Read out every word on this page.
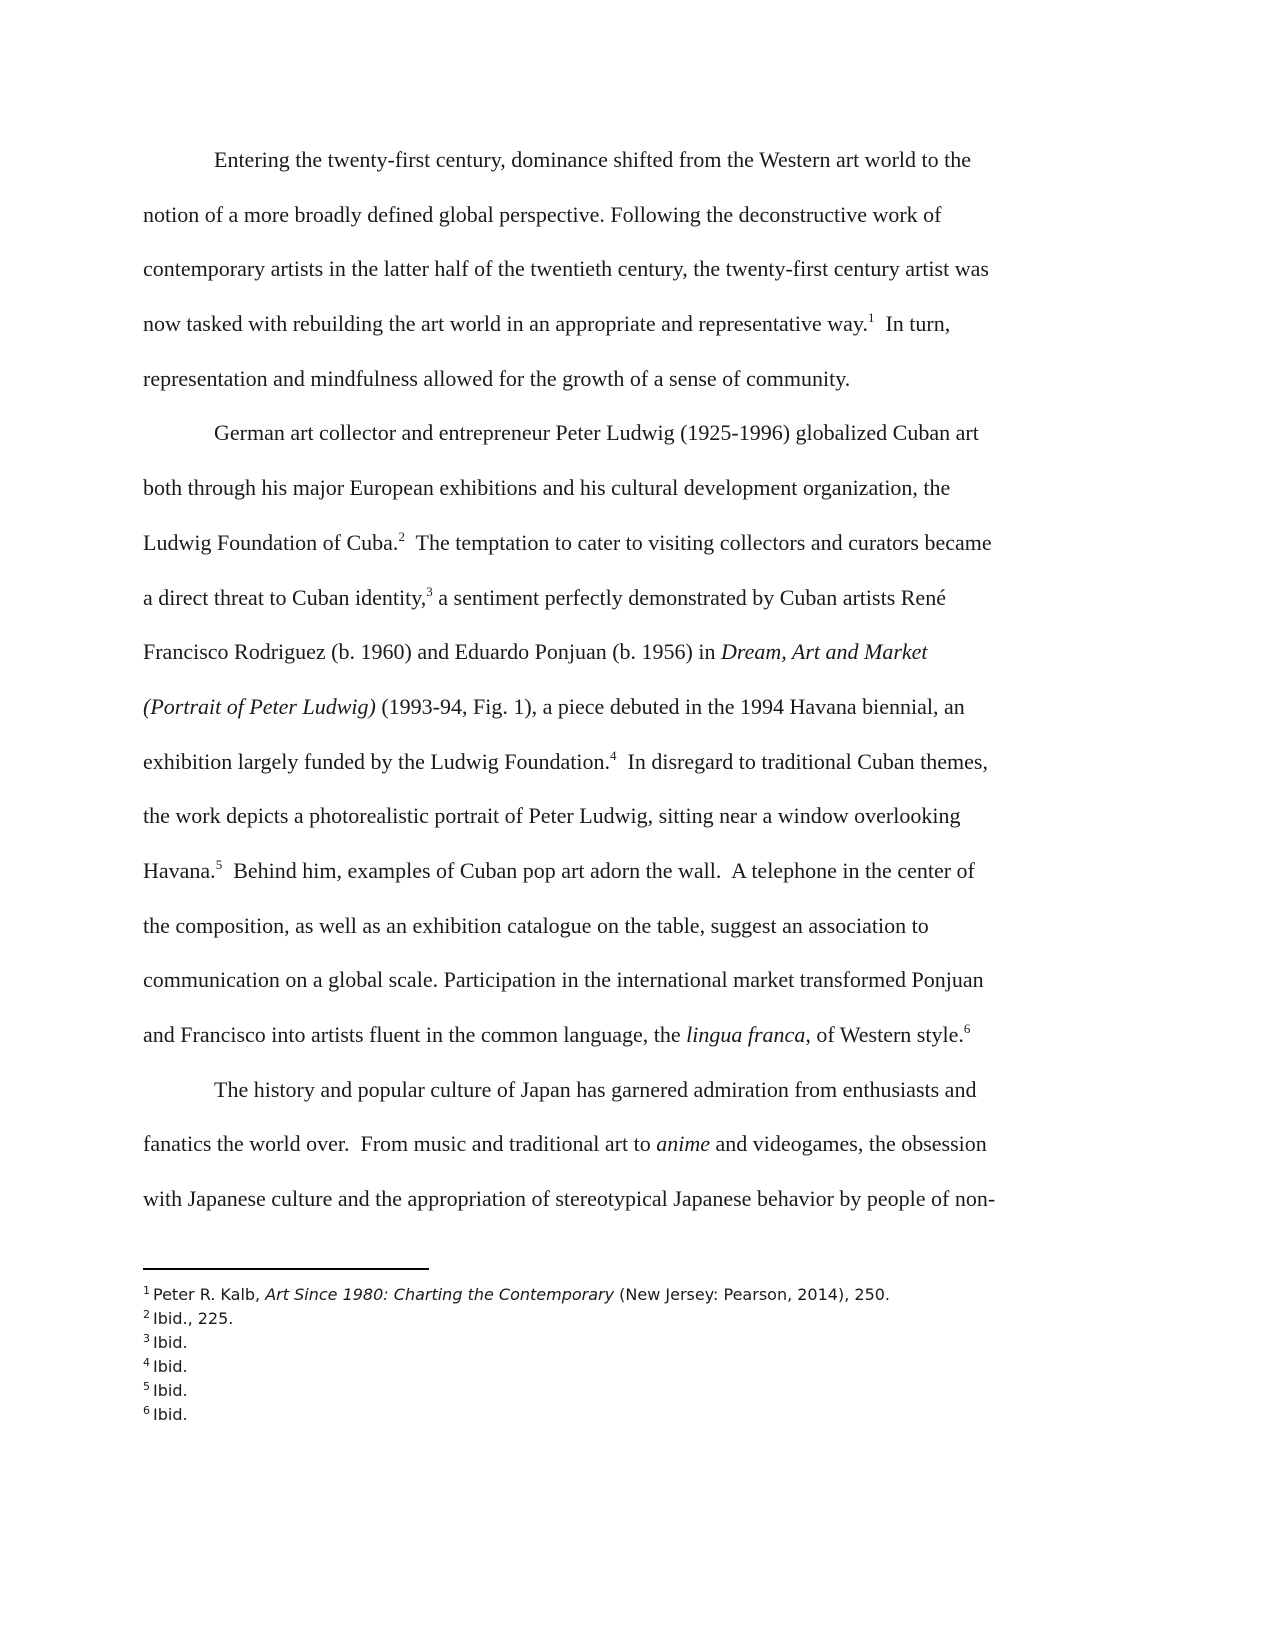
Entering the twenty-first century, dominance shifted from the Western art world to the
notion of a more broadly defined global perspective. Following the deconstructive work of
contemporary artists in the latter half of the twentieth century, the twenty-first century artist was
now tasked with rebuilding the art world in an appropriate and representative way.$^1$  In turn,
representation and mindfulness allowed for the growth of a sense of community.
German art collector and entrepreneur Peter Ludwig (1925-1996) globalized Cuban art
both through his major European exhibitions and his cultural development organization, the
Ludwig Foundation of Cuba.$^2$  The temptation to cater to visiting collectors and curators became
a direct threat to Cuban identity,$^3$ a sentiment perfectly demonstrated by Cuban artists René
Francisco Rodriguez (b. 1960) and Eduardo Ponjuan (b. 1956) in Dream, Art and Market
(Portrait of Peter Ludwig) (1993-94, Fig. 1), a piece debuted in the 1994 Havana biennial, an
exhibition largely funded by the Ludwig Foundation.$^4$  In disregard to traditional Cuban themes,
the work depicts a photorealistic portrait of Peter Ludwig, sitting near a window overlooking
Havana.$^5$  Behind him, examples of Cuban pop art adorn the wall.  A telephone in the center of
the composition, as well as an exhibition catalogue on the table, suggest an association to
communication on a global scale. Participation in the international market transformed Ponjuan
and Francisco into artists fluent in the common language, the lingua franca, of Western style.$^6$
The history and popular culture of Japan has garnered admiration from enthusiasts and
fanatics the world over.  From music and traditional art to anime and videogames, the obsession
with Japanese culture and the appropriation of stereotypical Japanese behavior by people of non-
$^1$ Peter R. Kalb, Art Since 1980: Charting the Contemporary (New Jersey: Pearson, 2014), 250.
$^2$ Ibid., 225.
$^3$ Ibid.
$^4$ Ibid.
$^5$ Ibid.
$^6$ Ibid.
